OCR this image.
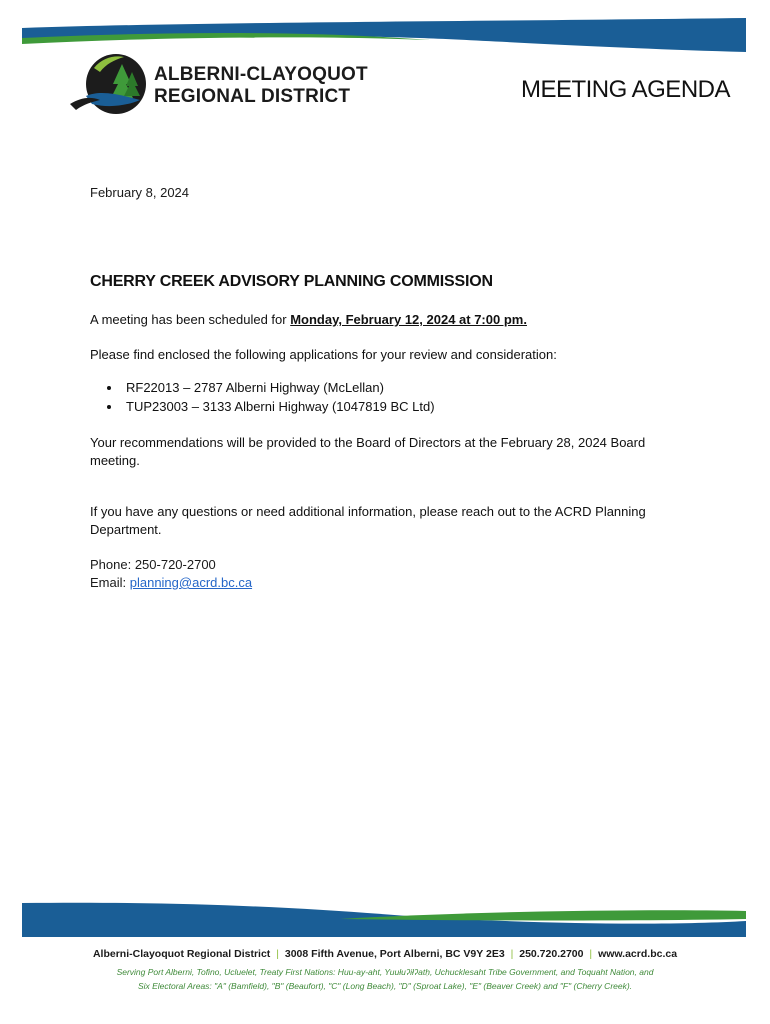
ALBERNI-CLAYOQUOT
REGIONAL DISTRICT	MEETING AGENDA
February 8, 2024
CHERRY CREEK ADVISORY PLANNING COMMISSION
A meeting has been scheduled for Monday, February 12, 2024 at 7:00 pm.
Please find enclosed the following applications for your review and consideration:
• RF22013 – 2787 Alberni Highway (McLellan)
• TUP23003 – 3133 Alberni Highway (1047819 BC Ltd)
Your recommendations will be provided to the Board of Directors at the February 28, 2024 Board meeting.
If you have any questions or need additional information, please reach out to the ACRD Planning Department.
Phone: 250-720-2700
Email: planning@acrd.bc.ca
Alberni-Clayoquot Regional District | 3008 Fifth Avenue, Port Alberni, BC V9Y 2E3 | 250.720.2700 | www.acrd.bc.ca
Serving Port Alberni, Tofino, Ucluelet, Treaty First Nations: Huu-ay-aht, Yuułuʔiłʔatḥ, Uchucklesaht Tribe Government, and Toquaht Nation, and
Six Electoral Areas: "A" (Bamfield), "B" (Beaufort), "C" (Long Beach), "D" (Sproat Lake), "E" (Beaver Creek) and "F" (Cherry Creek).
